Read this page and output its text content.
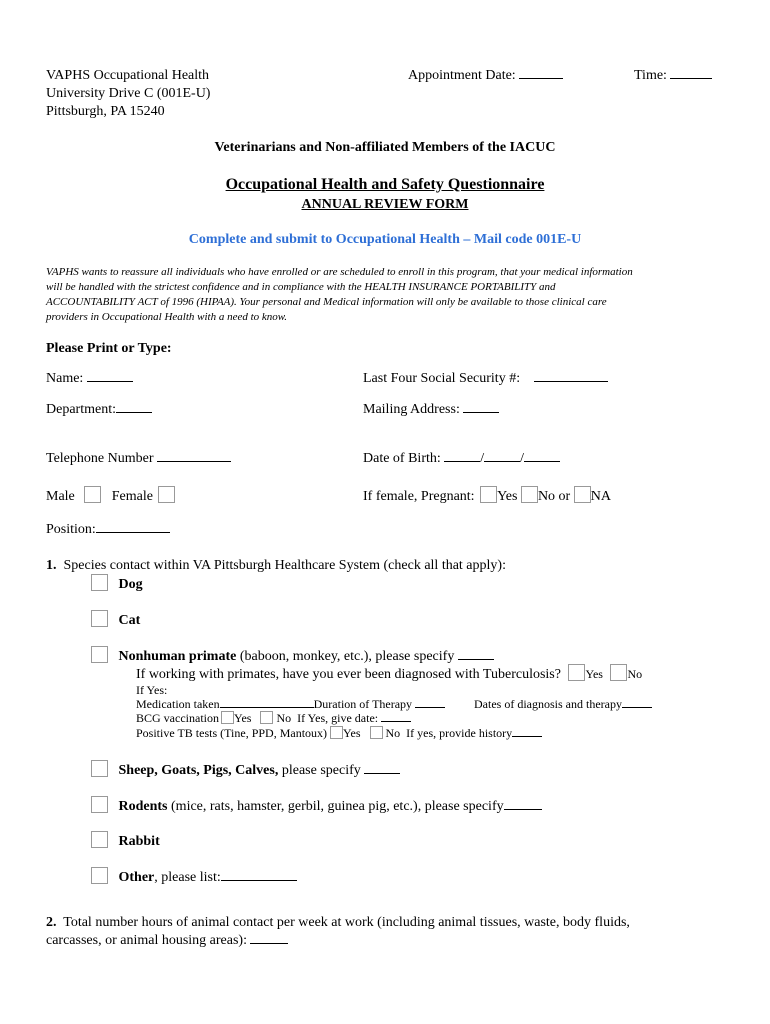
VAPHS Occupational Health
University Drive C (001E-U)
Pittsburgh, PA 15240
Appointment Date:	Time:
Veterinarians and Non-affiliated Members of the IACUC
Occupational Health and Safety Questionnaire
ANNUAL REVIEW FORM
Complete and submit to Occupational Health – Mail code 001E-U
VAPHS wants to reassure all individuals who have enrolled or are scheduled to enroll in this program, that your medical information
will be handled with the strictest confidence and in compliance with the HEALTH INSURANCE PORTABILITY and
ACCOUNTABILITY ACT of 1996 (HIPAA). Your personal and Medical information will only be available to those clinical care
providers in Occupational Health with a need to know.
Please Print or Type:
Name:	Last Four Social Security #:
Department:	Mailing Address:
Telephone Number	Date of Birth:	/	/
Male	Female	If female, Pregnant: Yes No or NA
Position:
1. Species contact within VA Pittsburgh Healthcare System (check all that apply):
Dog
Cat
Nonhuman primate (baboon, monkey, etc.), please specify
If working with primates, have you ever been diagnosed with Tuberculosis? Yes No
If Yes:
Medication taken	Duration of Therapy	Dates of diagnosis and therapy
BCG vaccination Yes No If Yes, give date:
Positive TB tests (Tine, PPD, Mantoux) Yes No If yes, provide history
Sheep, Goats, Pigs, Calves, please specify
Rodents (mice, rats, hamster, gerbil, guinea pig, etc.), please specify
Rabbit
Other, please list:
2. Total number hours of animal contact per week at work (including animal tissues, waste, body fluids,
carcasses, or animal housing areas):
